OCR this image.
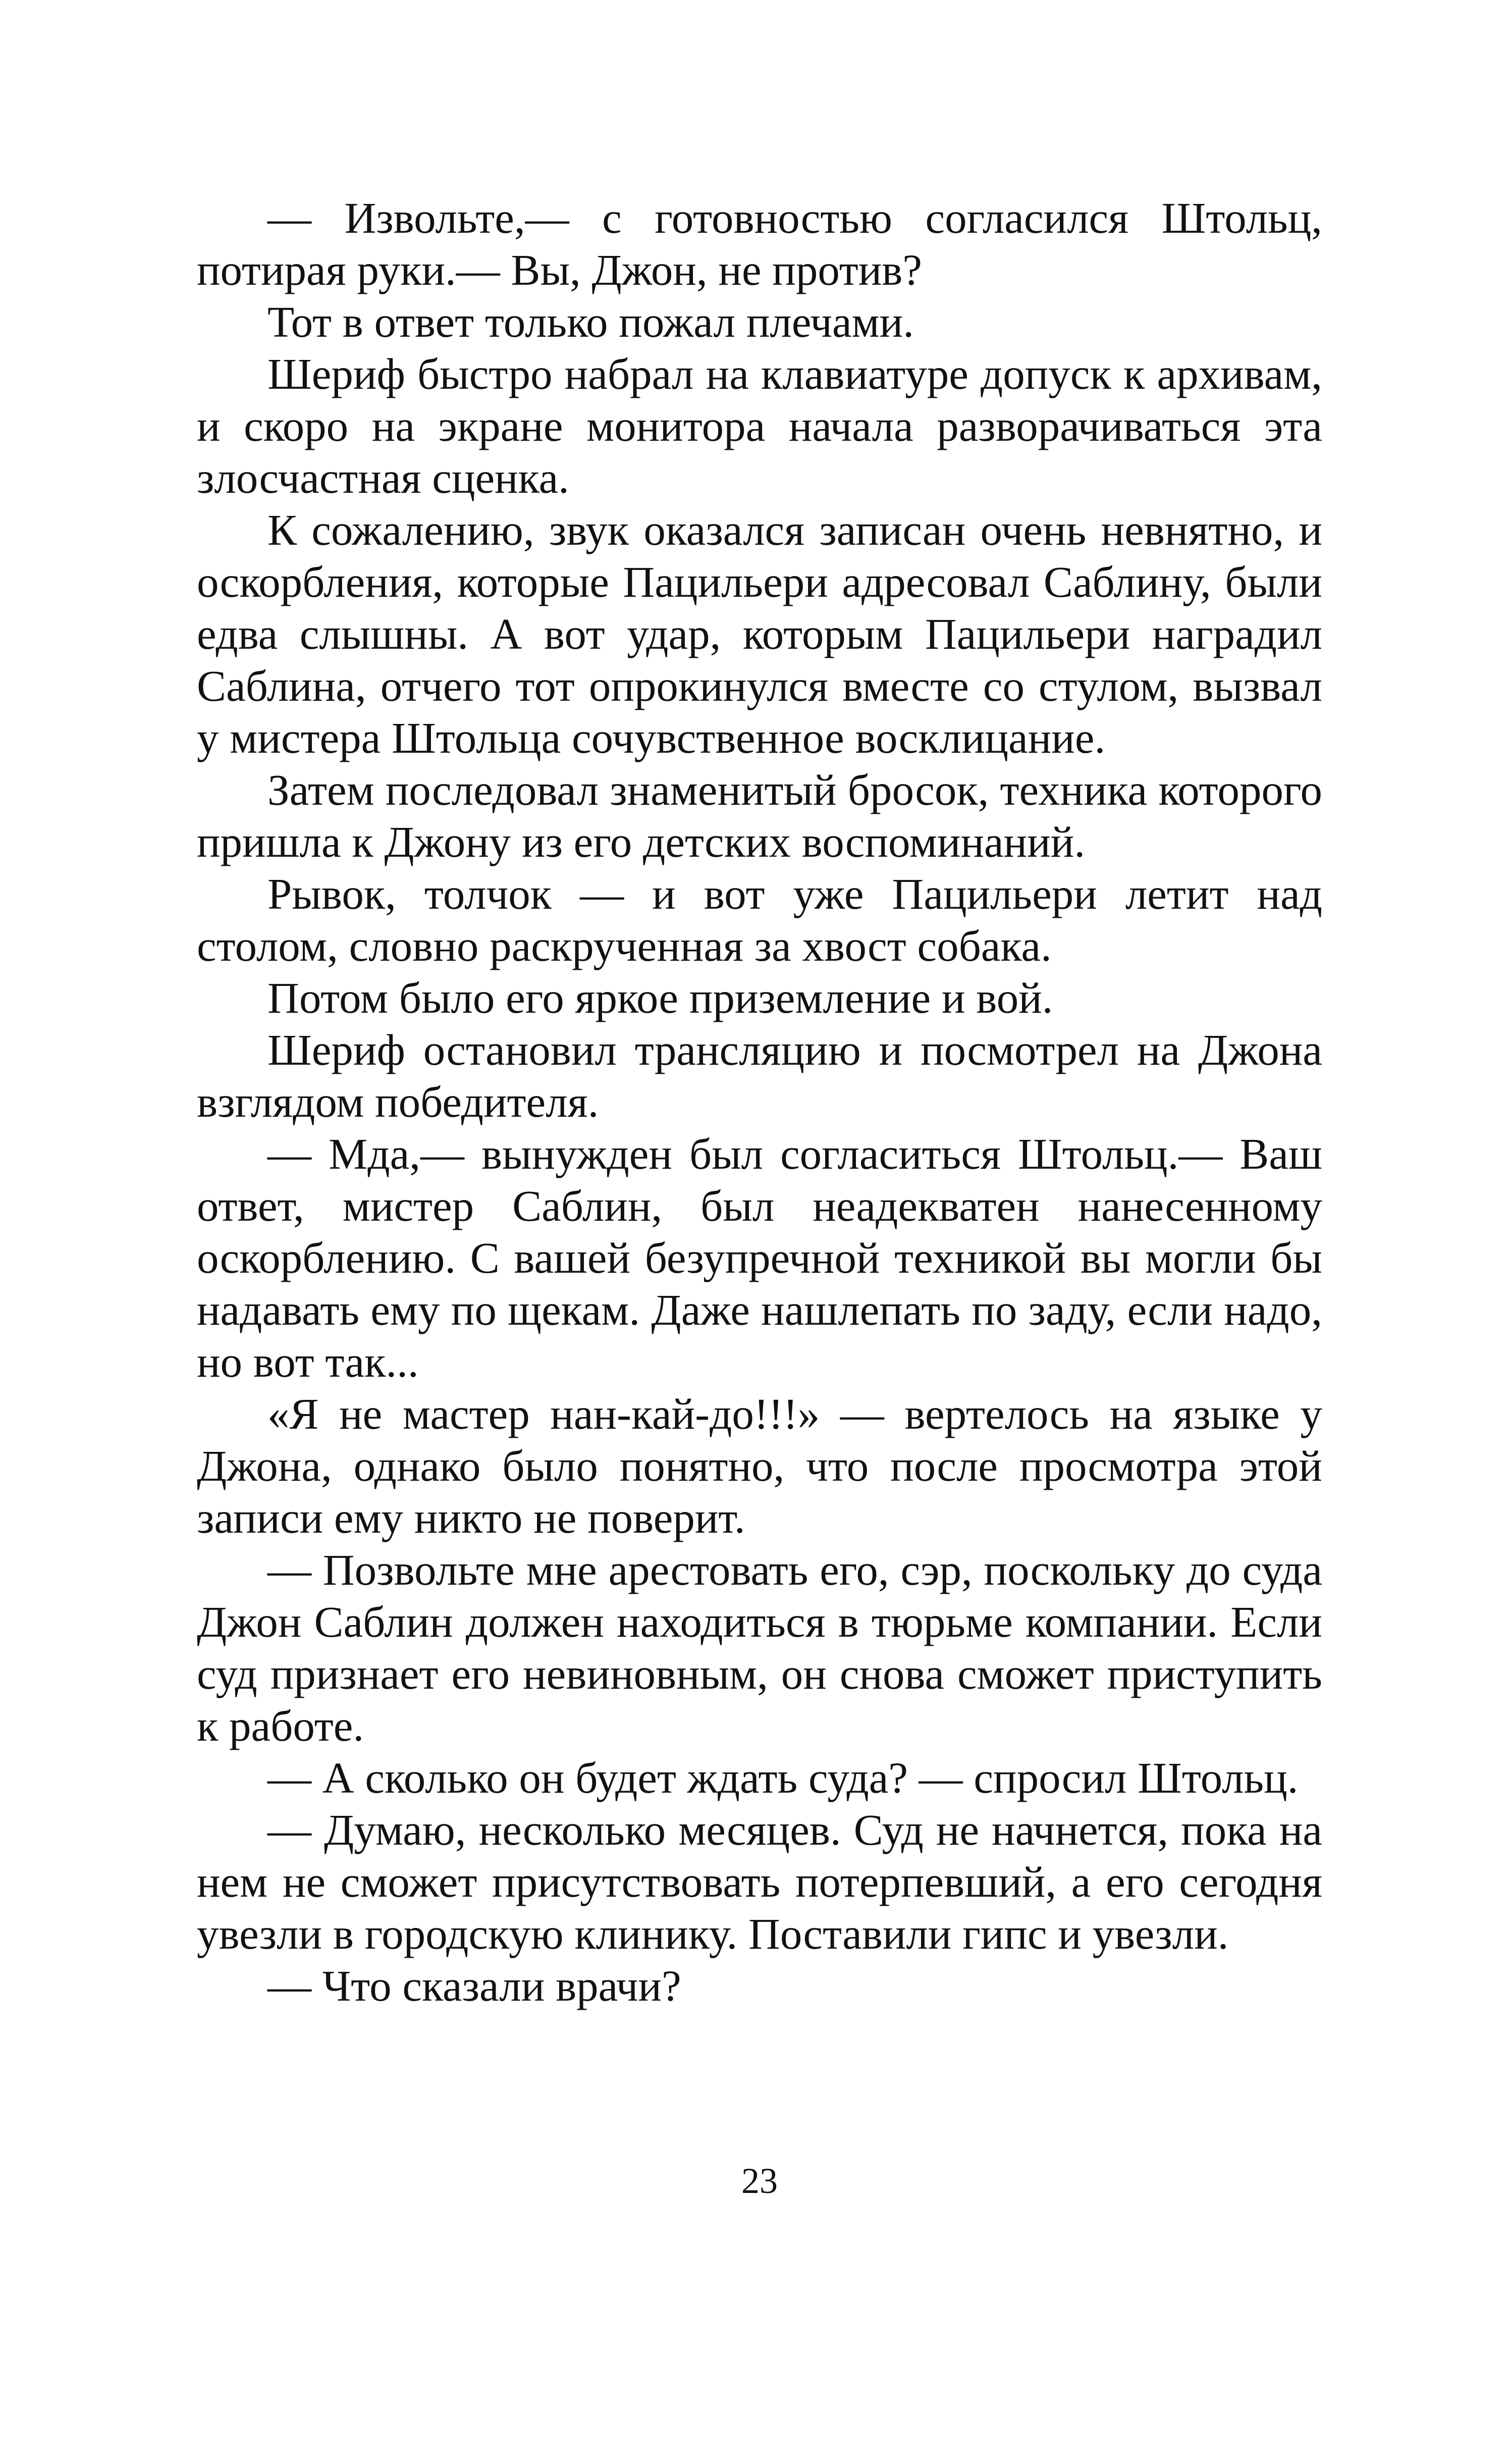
— Извольте,— с готовностью согласился Штольц, потирая руки.— Вы, Джон, не против?

Тот в ответ только пожал плечами.

Шериф быстро набрал на клавиатуре допуск к архивам, и скоро на экране монитора начала разворачиваться эта злосчастная сценка.

К сожалению, звук оказался записан очень невнятно, и оскорбления, которые Пацильери адресовал Саблину, были едва слышны. А вот удар, которым Пацильери наградил Саблина, отчего тот опрокинулся вместе со стулом, вызвал у мистера Штольца сочувственное восклицание.

Затем последовал знаменитый бросок, техника которого пришла к Джону из его детских воспоминаний.

Рывок, толчок — и вот уже Пацильери летит над столом, словно раскрученная за хвост собака.

Потом было его яркое приземление и вой.

Шериф остановил трансляцию и посмотрел на Джона взглядом победителя.

— Мда,— вынужден был согласиться Штольц.— Ваш ответ, мистер Саблин, был неадекватен нанесенному оскорблению. С вашей безупречной техникой вы могли бы надавать ему по щекам. Даже нашлепать по заду, если надо, но вот так...

«Я не мастер нан-кай-до!!!» — вертелось на языке у Джона, однако было понятно, что после просмотра этой записи ему никто не поверит.

— Позвольте мне арестовать его, сэр, поскольку до суда Джон Саблин должен находиться в тюрьме компании. Если суд признает его невиновным, он снова сможет приступить к работе.

— А сколько он будет ждать суда? — спросил Штольц.

— Думаю, несколько месяцев. Суд не начнется, пока на нем не сможет присутствовать потерпевший, а его сегодня увезли в городскую клинику. Поставили гипс и увезли.

— Что сказали врачи?

23
